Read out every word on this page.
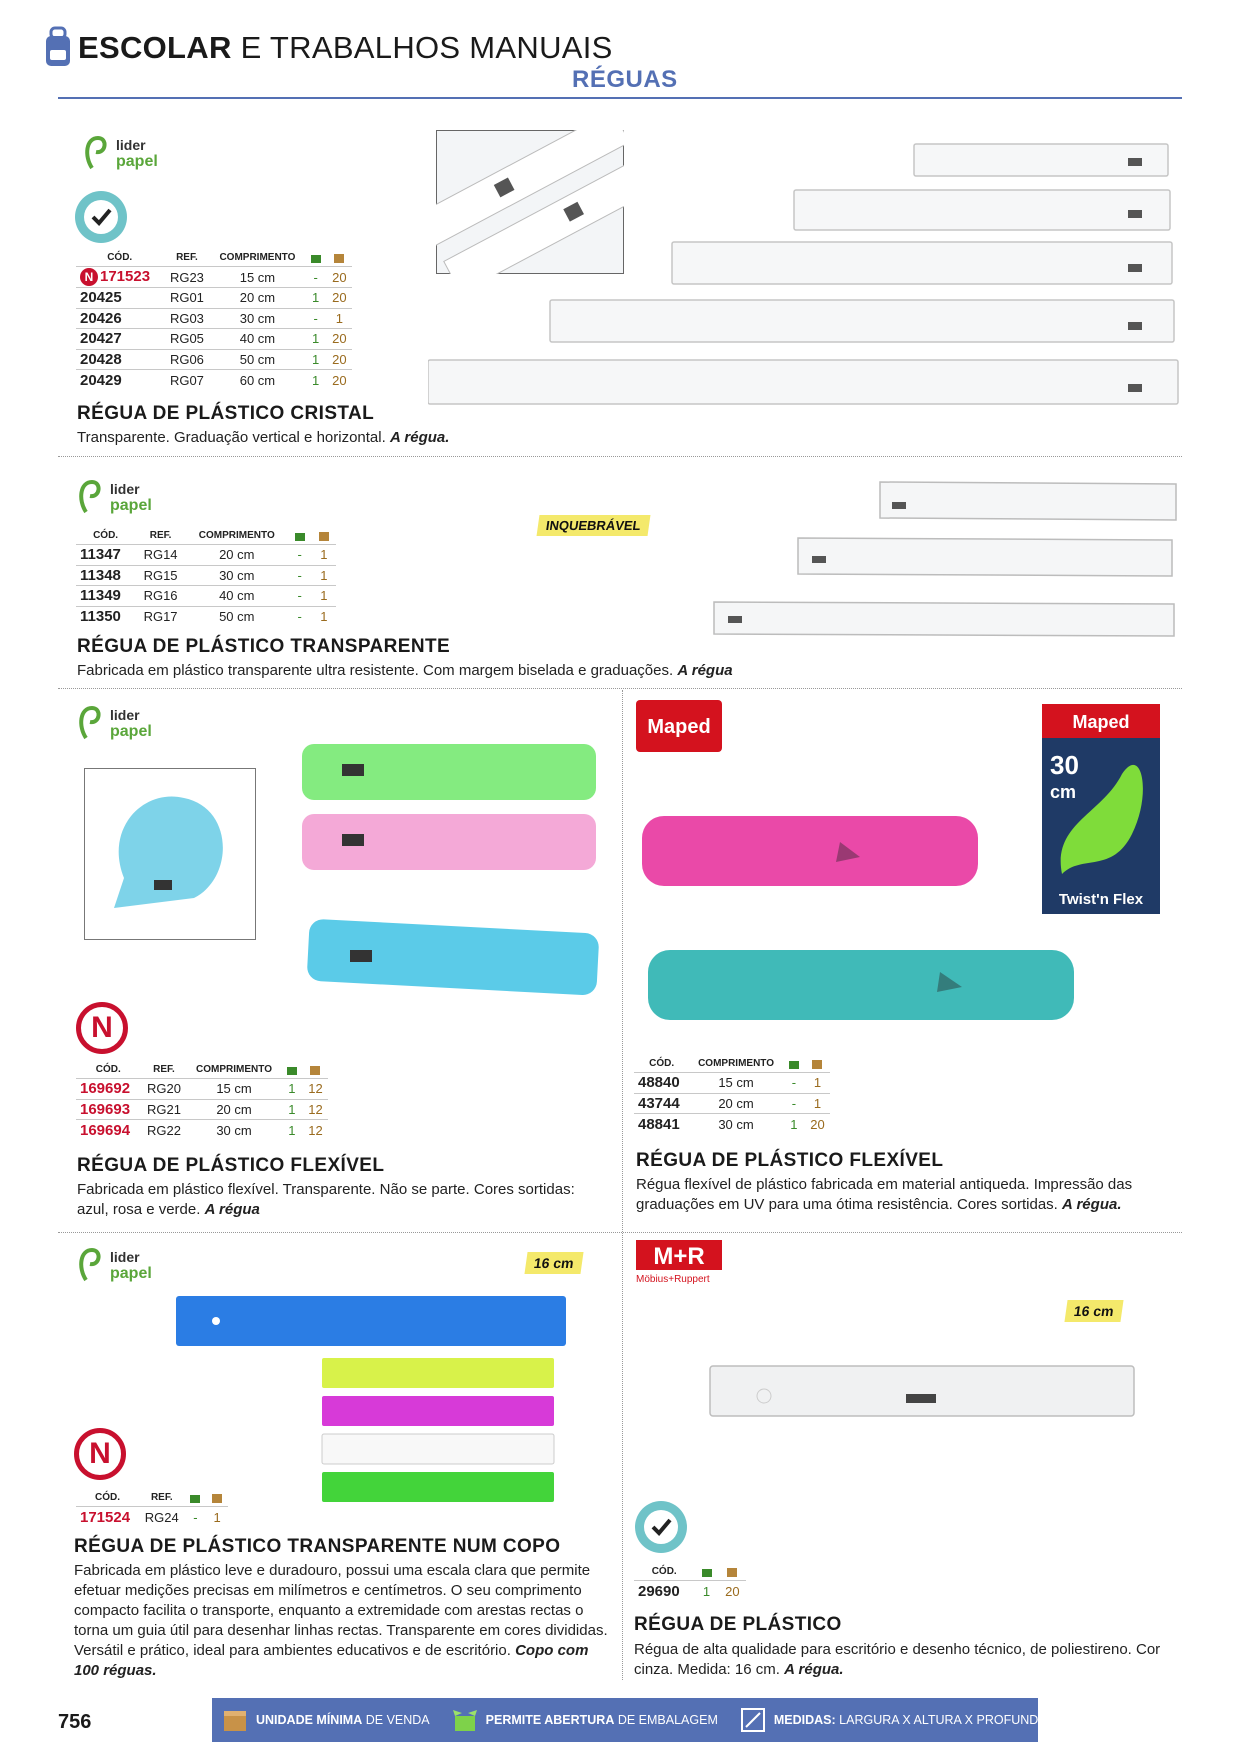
ESCOLAR E TRABALHOS MANUAIS
RÉGUAS
lider
papel
CÓD.	REF.	COMPRIMENTO		
N 171523	RG23	15 cm	-	20
20425	RG01	20 cm	1	20
20426	RG03	30 cm	-	1
20427	RG05	40 cm	1	20
20428	RG06	50 cm	1	20
20429	RG07	60 cm	1	20
RÉGUA DE PLÁSTICO CRISTAL
Transparente. Graduação vertical e horizontal. A régua.
lider
papel
INQUEBRÁVEL
CÓD.	REF.	COMPRIMENTO		
11347	RG14	20 cm	-	1
11348	RG15	30 cm	-	1
11349	RG16	40 cm	-	1
11350	RG17	50 cm	-	1
RÉGUA DE PLÁSTICO TRANSPARENTE
Fabricada em plástico transparente ultra resistente. Com margem biselada e graduações. A régua
lider
papel
N
CÓD.	REF.	COMPRIMENTO		
169692	RG20	15 cm	1	12
169693	RG21	20 cm	1	12
169694	RG22	30 cm	1	12
RÉGUA DE PLÁSTICO FLEXÍVEL
Fabricada em plástico flexível. Transparente. Não se parte. Cores sortidas: azul, rosa e verde. A régua
Maped	Maped
30
cm
Twist'n Flex
CÓD.	COMPRIMENTO		
48840	15 cm	-	1
43744	20 cm	-	1
48841	30 cm	1	20
RÉGUA DE PLÁSTICO FLEXÍVEL
Régua flexível de plástico fabricada em material antiqueda. Impressão das graduações em UV para uma ótima resistência. Cores sortidas. A régua.
lider
papel
16 cm
N
CÓD.	REF.		
171524	RG24	-	1
RÉGUA DE PLÁSTICO TRANSPARENTE NUM COPO
Fabricada em plástico leve e duradouro, possui uma escala clara que permite efetuar medições precisas em milímetros e centímetros. O seu comprimento compacto facilita o transporte, enquanto a extremidade com arestas rectas o torna um guia útil para desenhar linhas rectas. Transparente em cores divididas. Versátil e prático, ideal para ambientes educativos e de escritório. Copo com 100 réguas.
M+R
Möbius+Ruppert
16 cm
CÓD.		
29690	1	20
RÉGUA DE PLÁSTICO
Régua de alta qualidade para escritório e desenho técnico, de poliestireno. Cor cinza. Medida: 16 cm. A régua.
756	UNIDADE MÍNIMA DE VENDA	PERMITE ABERTURA DE EMBALAGEM	MEDIDAS: LARGURA X ALTURA X PROFUNDIDADE
